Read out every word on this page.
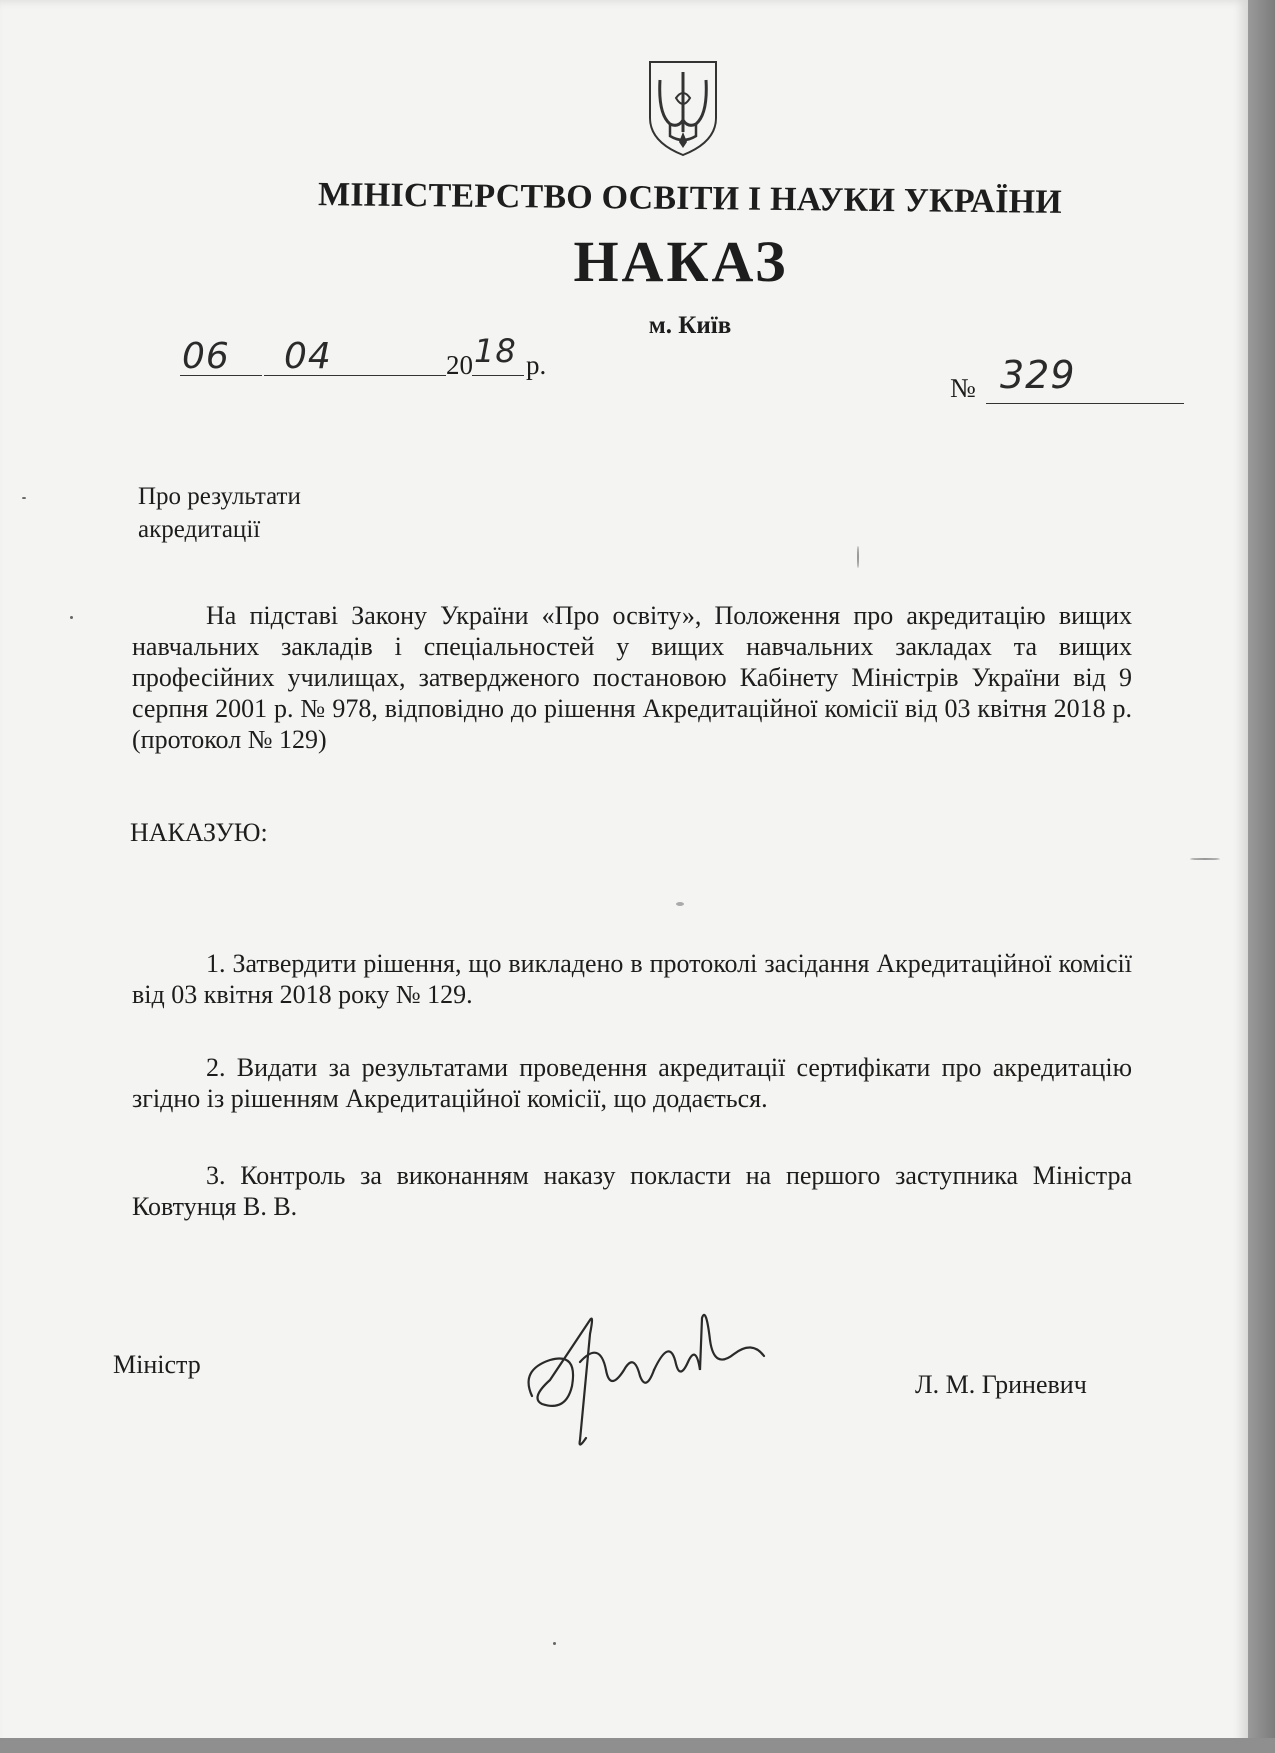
МІНІСТЕРСТВО ОСВІТИ І НАУКИ УКРАЇНИ
НАКАЗ
м. Київ
06 04	20 18 р.
№ 329
Про результати
акредитації
На підставі Закону України «Про освіту», Положення про акредитацію вищих навчальних закладів і спеціальностей у вищих навчальних закладах та вищих професійних училищах, затвердженого постановою Кабінету Міністрів України від 9 серпня 2001 р. № 978, відповідно до рішення Акредитаційної комісії від 03 квітня 2018 р. (протокол № 129)
НАКАЗУЮ:
1. Затвердити рішення, що викладено в протоколі засідання Акредитаційної комісії від 03 квітня 2018 року № 129.
2. Видати за результатами проведення акредитації сертифікати про акредитацію згідно із рішенням Акредитаційної комісії, що додається.
3. Контроль за виконанням наказу покласти на першого заступника Міністра Ковтунця В. В.
Міністр
Л. М. Гриневич
